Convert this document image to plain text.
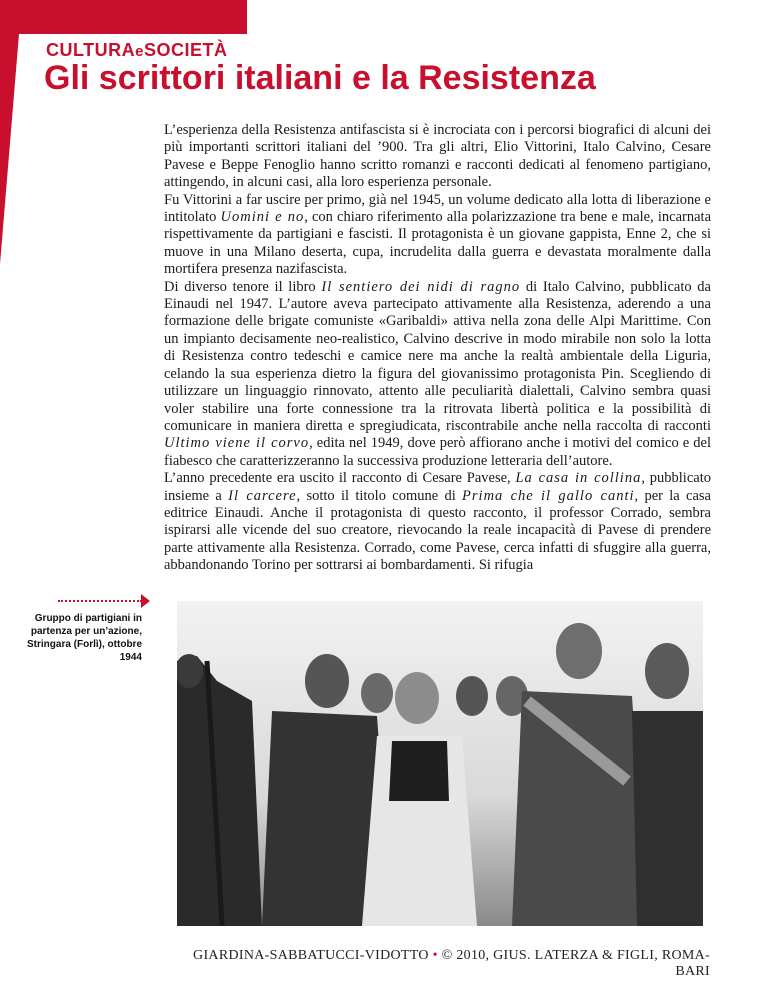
CULTURAeSOCIETÀ
Gli scrittori italiani e la Resistenza

L’esperienza della Resistenza antifascista si è incrociata con i percorsi biografici di alcuni dei più importanti scrittori italiani del ’900. Tra gli altri, Elio Vittorini, Italo Calvino, Cesare Pavese e Beppe Fenoglio hanno scritto romanzi e racconti dedicati al fenomeno partigiano, attingendo, in alcuni casi, alla loro esperienza personale.

Fu Vittorini a far uscire per primo, già nel 1945, un volume dedicato alla lotta di liberazione e intitolato Uomini e no, con chiaro riferimento alla polarizzazione tra bene e male, incarnata rispettivamente da partigiani e fascisti. Il protagonista è un giovane gappista, Enne 2, che si muove in una Milano deserta, cupa, incrudelita dalla guerra e devastata moralmente dalla mortifera presenza nazifascista.

Di diverso tenore il libro Il sentiero dei nidi di ragno di Italo Calvino, pubblicato da Einaudi nel 1947. L’autore aveva partecipato attivamente alla Resistenza, aderendo a una formazione delle brigate comuniste «Garibaldi» attiva nella zona delle Alpi Marittime. Con un impianto decisamente neo-realistico, Calvino descrive in modo mirabile non solo la lotta di Resistenza contro tedeschi e camice nere ma anche la realtà ambientale della Liguria, celando la sua esperienza dietro la figura del giovanissimo protagonista Pin. Scegliendo di utilizzare un linguaggio rinnovato, attento alle peculiarità dialettali, Calvino sembra quasi voler stabilire una forte connessione tra la ritrovata libertà politica e la possibilità di comunicare in maniera diretta e spregiudicata, riscontrabile anche nella raccolta di racconti Ultimo viene il corvo, edita nel 1949, dove però affiorano anche i motivi del comico e del fiabesco che caratterizzeranno la successiva produzione letteraria dell’autore.

L’anno precedente era uscito il racconto di Cesare Pavese, La casa in collina, pubblicato insieme a Il carcere, sotto il titolo comune di Prima che il gallo canti, per la casa editrice Einaudi. Anche il protagonista di questo racconto, il professor Corrado, sembra ispirarsi alle vicende del suo creatore, rievocando la reale incapacità di Pavese di prendere parte attivamente alla Resistenza. Corrado, come Pavese, cerca infatti di sfuggire alla guerra, abbandonando Torino per sottrarsi ai bombardamenti. Si rifugia

Gruppo di partigiani in partenza per un’azione, Stringara (Forlì), ottobre 1944
GIARDINA-SABBATUCCI-VIDOTTO • © 2010, GIUS. LATERZA & FIGLI, ROMA-BARI
